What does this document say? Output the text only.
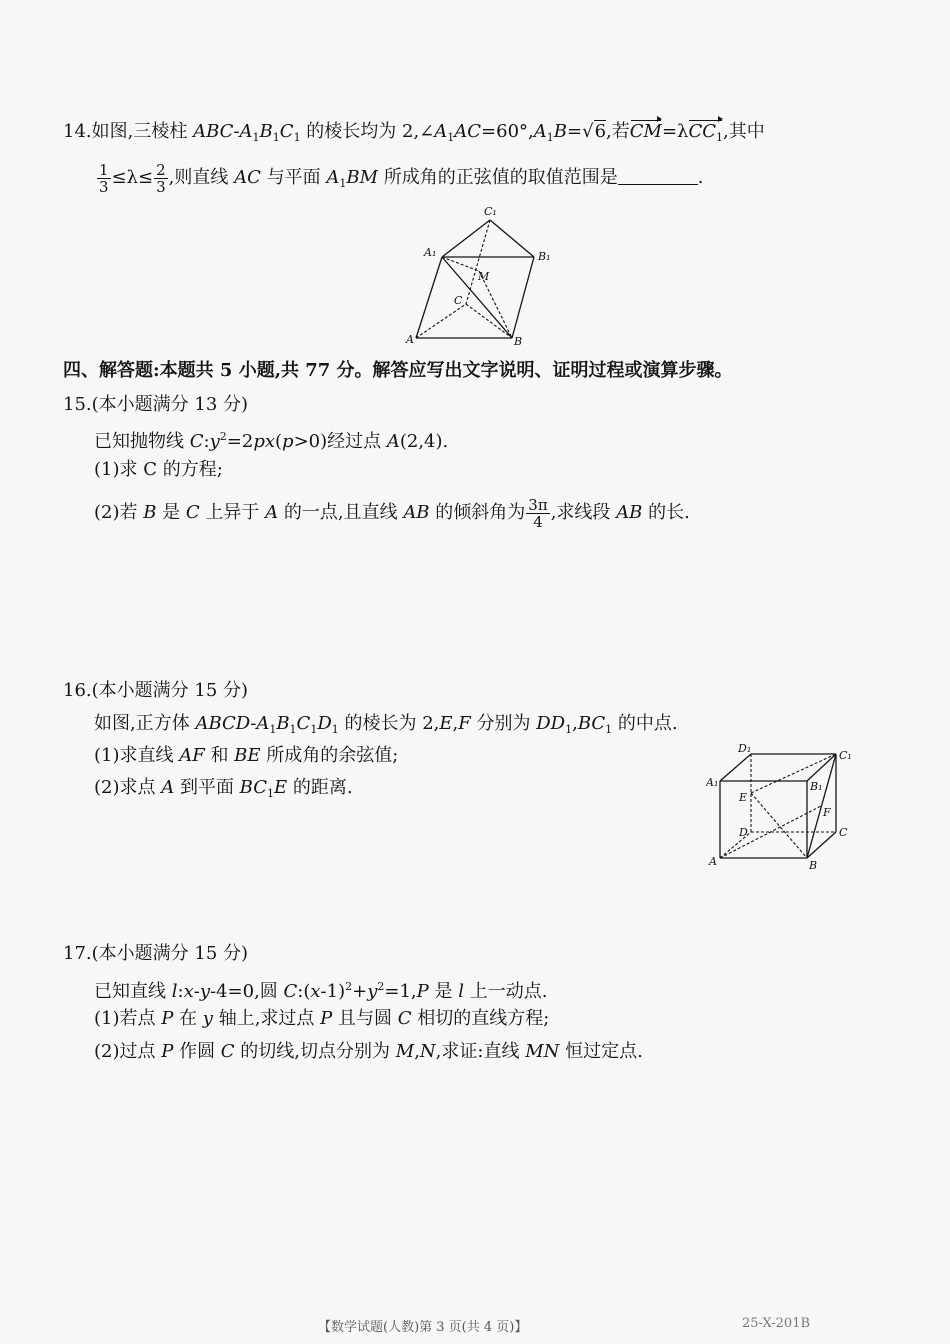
14.如图,三棱柱 ABC-$A_1B_1C_1$ 的棱长均为 $2,\angle A_1AC=60^\circ,A_1B=√6$,若CM=λCC$_1$,其中
$\frac{1}{3} \le\lambda\le \frac{2}{3}$ ,则直线 AC 与平面 $A_1BM$ 所成角的正弦值的取值范围是	.
C₁
A₁	B₁
M
C
A	B
四、解答题:本题共 5 小题,共 77 分。解答应写出文字说明、证明过程或演算步骤。
15.(本小题满分 13 分)
已知抛物线 $C:y^2=2px(p>0)$经过点 A(2,4).
(1)求 C 的方程;
(2)若 B 是 C 上异于 A 的一点,且直线 AB 的倾斜角为 $\frac{3\pi}{4}$ ,求线段 AB 的长.
16.(本小题满分 15 分)
如图,正方体 ABCD-$A_1B_1C_1D_1$ 的棱长为 2,E,F 分别为 $DD_1,BC_1$ 的中点.
(1)求直线 AF 和 BE 所成角的余弦值;
(2)求点 A 到平面 $BC_1E$ 的距离.
D₁
C₁
A₁	B₁
E
F
D	C
A	B
17.(本小题满分 15 分)
已知直线 l:x-y-4=0,圆 $C:(x-1)^2+y^2=1,P$ 是 l 上一动点.
(1)若点 P 在 y 轴上,求过点 P 且与圆 C 相切的直线方程;
(2)过点 P 作圆 C 的切线,切点分别为 M,N,求证:直线 MN 恒过定点.
【数学试题(人教)第 3 页(共 4 页)】	25-X-201B
